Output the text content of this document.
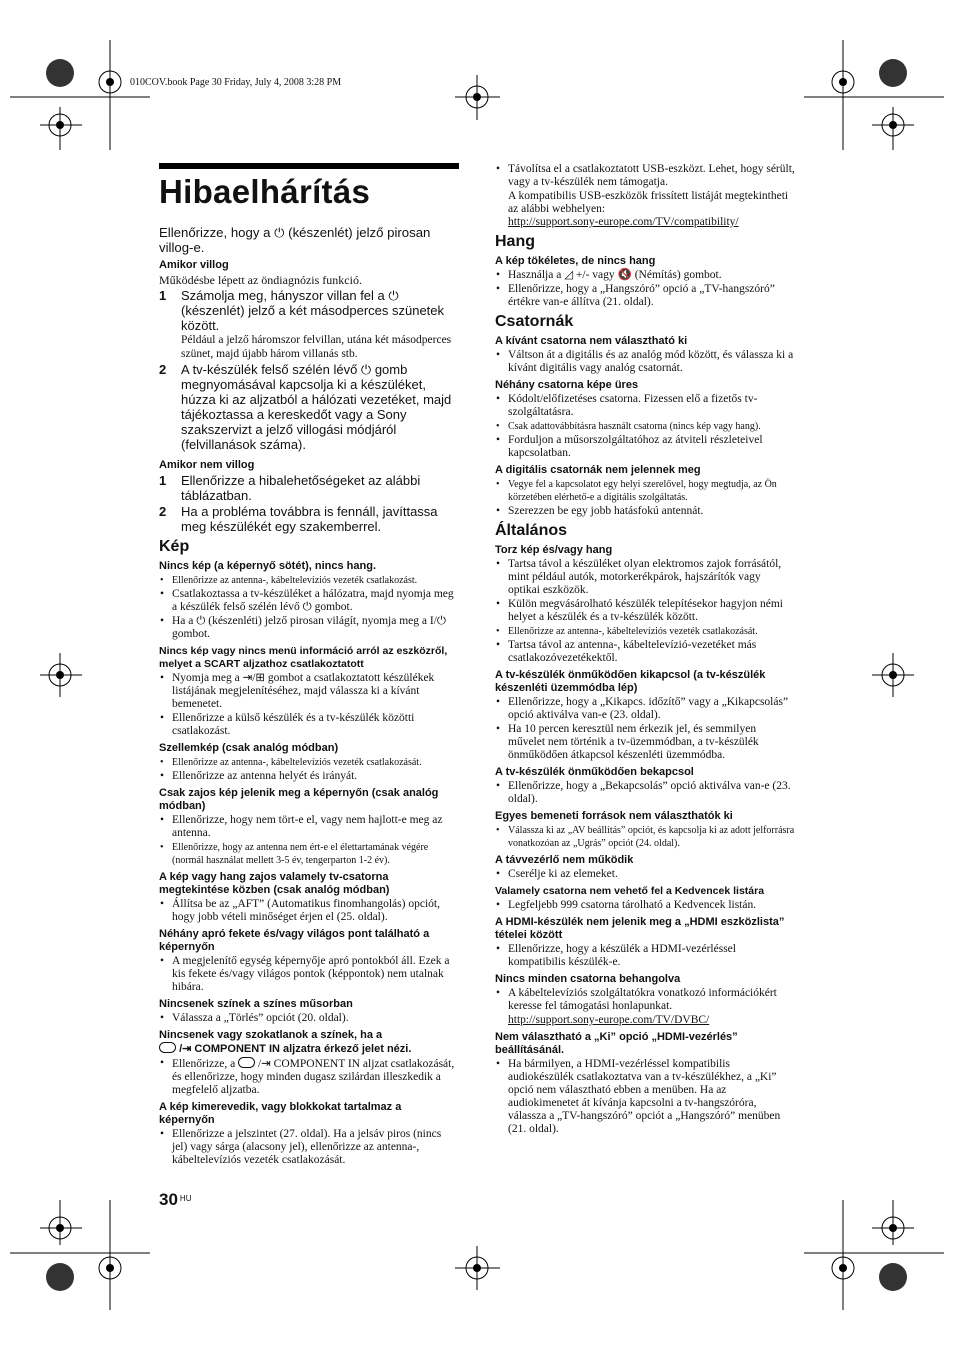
010COV.book Page 30 Friday, July 4, 2008 3:28 PM
Hibaelhárítás

Ellenőrizze, hogy a ⏻ (készenlét) jelző pirosan villog-e.

Amikor villog

Működésbe lépett az öndiagnózis funkció.

1	Számolja meg, hányszor villan fel a ⏻ (készenlét) jelző a két másodperces szünetek között.
Például a jelző háromszor felvillan, utána két másodperces szünet, majd újabb három villanás stb.
2	A tv-készülék felső szélén lévő ⏻ gomb megnyomásával kapcsolja ki a készüléket, húzza ki az aljzatból a hálózati vezetéket, majd tájékoztassa a kereskedőt vagy a Sony szakszervizt a jelző villogási módjáról (felvillanások száma).
Amikor nem villog
1	Ellenőrizze a hibalehetőségeket az alábbi táblázatban.
2	Ha a probléma továbbra is fennáll, javíttassa meg készülékét egy szakemberrel.
Kép
Nincs kép (a képernyő sötét), nincs hang.
• Ellenőrizze az antenna-, kábeltelevíziós vezeték csatlakozást.
• Csatlakoztassa a tv-készüléket a hálózatra, majd nyomja meg a készülék felső szélén lévő ⏻ gombot.
• Ha a ⏻ (készenléti) jelző pirosan világít, nyomja meg a I/⏻ gombot.
Nincs kép vagy nincs menü információ arról az eszközről, melyet a SCART aljzathoz csatlakoztatott
• Nyomja meg a ⇥/⊞ gombot a csatlakoztatott készülékek listájának megjelenítéséhez, majd válassza ki a kívánt bemenetet.
• Ellenőrizze a külső készülék és a tv-készülék közötti csatlakozást.
Szellemkép (csak analóg módban)
• Ellenőrizze az antenna-, kábeltelevíziós vezeték csatlakozását.
• Ellenőrizze az antenna helyét és irányát.
Csak zajos kép jelenik meg a képernyőn (csak analóg módban)
• Ellenőrizze, hogy nem tört-e el, vagy nem hajlott-e meg az antenna.
• Ellenőrizze, hogy az antenna nem ért-e el élettartamának végére (normál használat mellett 3-5 év, tengerparton 1-2 év).
A kép vagy hang zajos valamely tv-csatorna megtekintése közben (csak analóg módban)
• Állítsa be az „AFT” (Automatikus finomhangolás) opciót, hogy jobb vételi minőséget érjen el (25. oldal).
Néhány apró fekete és/vagy világos pont található a képernyőn
• A megjelenítő egység képernyője apró pontokból áll. Ezek a kis fekete és/vagy világos pontok (képpontok) nem utalnak hibára.
Nincsenek színek a színes műsorban
• Válassza a „Törlés” opciót (20. oldal).
Nincsenek vagy szokatlanok a színek, ha a
/⇥ COMPONENT IN aljzatra érkező jelet nézi.
• Ellenőrizze, a /⇥ COMPONENT IN aljzat csatlakozását, és ellenőrizze, hogy minden dugasz szilárdan illeszkedik a megfelelő aljzatba.
A kép kimerevedik, vagy blokkokat tartalmaz a képernyőn
• Ellenőrizze a jelszintet (27. oldal). Ha a jelsáv piros (nincs jel) vagy sárga (alacsony jel), ellenőrizze az antenna-, kábeltelevíziós vezeték csatlakozását.
30 $^{HU}$
• Távolítsa el a csatlakoztatott USB-eszközt. Lehet, hogy sérült, vagy a tv-készülék nem támogatja.
A kompatibilis USB-eszközök frissített listáját megtekintheti az alábbi webhelyen:
http://support.sony-europe.com/TV/compatibility/
Hang
A kép tökéletes, de nincs hang
• Használja a ◿ +/- vagy 🔇 (Némítás) gombot.
• Ellenőrizze, hogy a „Hangszóró” opció a „TV-hangszóró” értékre van-e állítva (21. oldal).
Csatornák
A kívánt csatorna nem választható ki
• Váltson át a digitális és az analóg mód között, és válassza ki a kívánt digitális vagy analóg csatornát.
Néhány csatorna képe üres
• Kódolt/előfizetéses csatorna. Fizessen elő a fizetős tv-szolgáltatásra.
• Csak adattovábbításra használt csatorna (nincs kép vagy hang).
• Forduljon a műsorszolgáltatóhoz az átviteli részleteivel kapcsolatban.
A digitális csatornák nem jelennek meg
• Vegye fel a kapcsolatot egy helyi szerelővel, hogy megtudja, az Ön körzetében elérhető-e a digitális szolgáltatás.
• Szerezzen be egy jobb hatásfokú antennát.
Általános
Torz kép és/vagy hang
• Tartsa távol a készüléket olyan elektromos zajok forrásától, mint például autók, motorkerékpárok, hajszárítók vagy optikai eszközök.
• Külön megvásárolható készülék telepítésekor hagyjon némi helyet a készülék és a tv-készülék között.
• Ellenőrizze az antenna-, kábeltelevíziós vezeték csatlakozását.
• Tartsa távol az antenna-, kábeltelevízió-vezetéket más csatlakozóvezetékektől.
A tv-készülék önműködően kikapcsol (a tv-készülék készenléti üzemmódba lép)
• Ellenőrizze, hogy a „Kikapcs. időzítő” vagy a „Kikapcsolás” opció aktiválva van-e (23. oldal).
• Ha 10 percen keresztül nem érkezik jel, és semmilyen művelet nem történik a tv-üzemmódban, a tv-készülék önműködően átkapcsol készenléti üzemmódba.
A tv-készülék önműködően bekapcsol
• Ellenőrizze, hogy a „Bekapcsolás” opció aktiválva van-e (23. oldal).
Egyes bemeneti források nem választhatók ki
• Válassza ki az „AV beállítás” opciót, és kapcsolja ki az adott jelforrásra vonatkozóan az „Ugrás” opciót (24. oldal).
A távvezérlő nem működik
• Cserélje ki az elemeket.
Valamely csatorna nem vehető fel a Kedvencek listára
• Legfeljebb 999 csatorna tárolható a Kedvencek listán.
A HDMI-készülék nem jelenik meg a „HDMI eszközlista” tételei között
• Ellenőrizze, hogy a készülék a HDMI-vezérléssel kompatibilis készülék-e.
Nincs minden csatorna behangolva
• A kábeltelevíziós szolgáltatókra vonatkozó információkért keresse fel támogatási honlapunkat.
http://support.sony-europe.com/TV/DVBC/
Nem választható a „Ki” opció „HDMI-vezérlés” beállításánál.
• Ha bármilyen, a HDMI-vezérléssel kompatibilis audiokészülék csatlakoztatva van a tv-készülékhez, a „Ki” opció nem választható ebben a menüben. Ha az audiokimenetet át kívánja kapcsolni a tv-hangszóróra, válassza a „TV-hangszóró” opciót a „Hangszóró” menüben (21. oldal).
